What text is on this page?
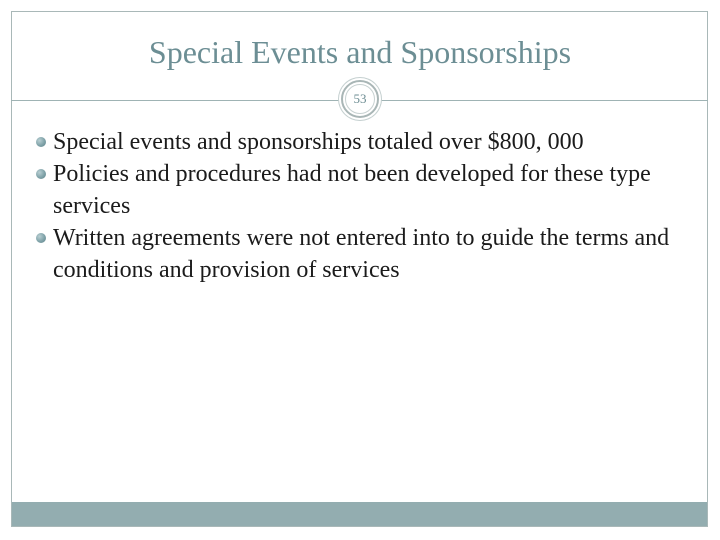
Special Events and Sponsorships
53
Special events and sponsorships totaled over $800, 000
Policies and procedures had not been developed for these type services
Written agreements were not entered into to guide the terms and conditions and provision of services
